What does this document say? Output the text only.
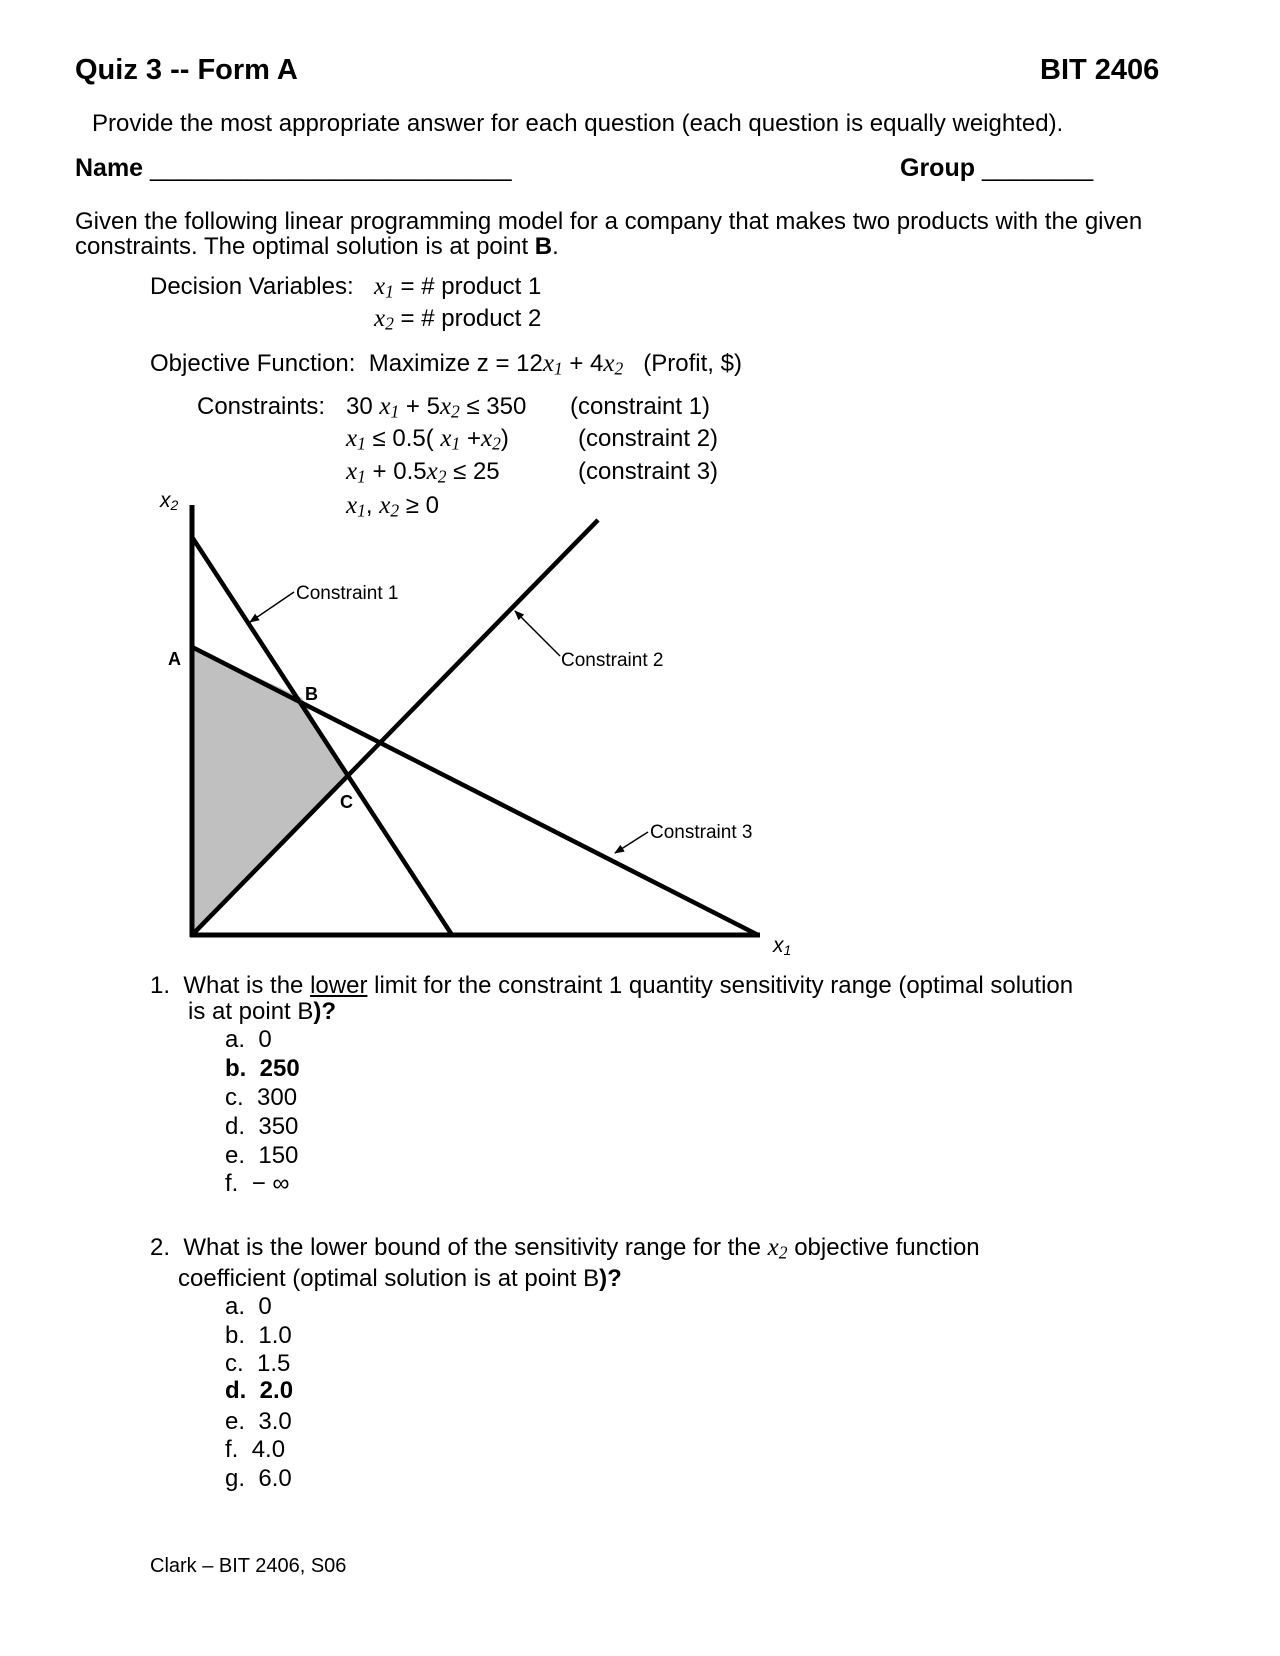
Quiz 3 -- Form A	BIT 2406
Provide the most appropriate answer for each question (each question is equally weighted).
Name __________________________	Group ________
Given the following linear programming model for a company that makes two products with the given
constraints. The optimal solution is at point B.
Decision Variables: $x_1$ = # product 1
$x_2$ = # product 2
Objective Function: Maximize $z = 12x_1 + 4x_2$ (Profit, $)
Constraints: 30 $x_1 + 5x_2 \le 350$ (constraint 1)
$x_1 \le 0.5$( $x_1 +x_2$)	(constraint 2)
$x_1 + 0.5x_2 \le 25$	(constraint 3)
$x_1$, $x_2 \ge 0$
A
B
C
Constraint 1
Constraint 2
Constraint 3
x2
x1
1. What is the lower limit for the constraint 1 quantity sensitivity range (optimal solution
is at point B)?
a. 0
b. 250
c. 300
d. 350
e. 150
f. − ∞
2. What is the lower bound of the sensitivity range for the $x_2$ objective function
coefficient (optimal solution is at point B)?
a. 0
b. 1.0
c. 1.5
d. 2.0
e. 3.0
f. 4.0
g. 6.0
Clark – BIT 2406, S06
